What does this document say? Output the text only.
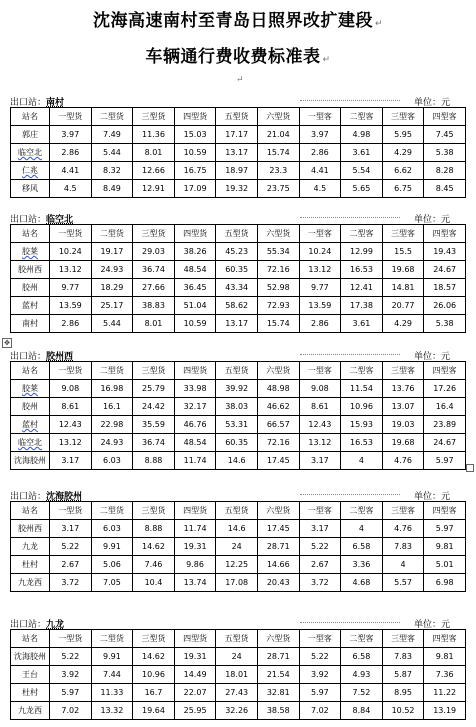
沈海高速南村至青岛日照界改扩建段 ↵
车辆通行费收费标准表 ↵
↵
✥
出口站：南村	单位：元
站名	一型货	二型货	三型货	四型货	五型货	六型货	一型客	二型客	三型客	四型客
郭庄	3.97	7.49	11.36	15.03	17.17	21.04	3.97	4.98	5.95	7.45
临空北	2.86	5.44	8.01	10.59	13.17	15.74	2.86	3.61	4.29	5.38
仁兆	4.41	8.32	12.66	16.75	18.97	23.3	4.41	5.54	6.62	8.28
移风	4.5	8.49	12.91	17.09	19.32	23.75	4.5	5.65	6.75	8.45
出口站：临空北	单位：元
站名	一型货	二型货	三型货	四型货	五型货	六型货	一型客	二型客	三型客	四型客
胶莱	10.24	19.17	29.03	38.26	45.23	55.34	10.24	12.99	15.5	19.43
胶州西	13.12	24.93	36.74	48.54	60.35	72.16	13.12	16.53	19.68	24.67
胶州	9.77	18.29	27.66	36.45	43.34	52.98	9.77	12.41	14.81	18.57
蓝村	13.59	25.17	38.83	51.04	58.62	72.93	13.59	17.38	20.77	26.06
南村	2.86	5.44	8.01	10.59	13.17	15.74	2.86	3.61	4.29	5.38
出口站：胶州西	单位：元
站名	一型货	二型货	三型货	四型货	五型货	六型货	一型客	二型客	三型客	四型客
胶莱	9.08	16.98	25.79	33.98	39.92	48.98	9.08	11.54	13.76	17.26
胶州	8.61	16.1	24.42	32.17	38.03	46.62	8.61	10.96	13.07	16.4
蓝村	12.43	22.98	35.59	46.76	53.31	66.57	12.43	15.93	19.03	23.89
临空北	13.12	24.93	36.74	48.54	60.35	72.16	13.12	16.53	19.68	24.67
沈海胶州	3.17	6.03	8.88	11.74	14.6	17.45	3.17	4	4.76	5.97
出口站：沈海胶州	单位：元
站名	一型货	二型货	三型货	四型货	五型货	六型货	一型客	二型客	三型客	四型客
胶州西	3.17	6.03	8.88	11.74	14.6	17.45	3.17	4	4.76	5.97
九龙	5.22	9.91	14.62	19.31	24	28.71	5.22	6.58	7.83	9.81
杜村	2.67	5.06	7.46	9.86	12.25	14.66	2.67	3.36	4	5.01
九龙西	3.72	7.05	10.4	13.74	17.08	20.43	3.72	4.68	5.57	6.98
出口站：九龙	单位：元
站名	一型货	二型货	三型货	四型货	五型货	六型货	一型客	二型客	三型客	四型客
沈海胶州	5.22	9.91	14.62	19.31	24	28.71	5.22	6.58	7.83	9.81
王台	3.92	7.44	10.96	14.49	18.01	21.54	3.92	4.93	5.87	7.36
杜村	5.97	11.33	16.7	22.07	27.43	32.81	5.97	7.52	8.95	11.22
九龙西	7.02	13.32	19.64	25.95	32.26	38.58	7.02	8.84	10.52	13.19
